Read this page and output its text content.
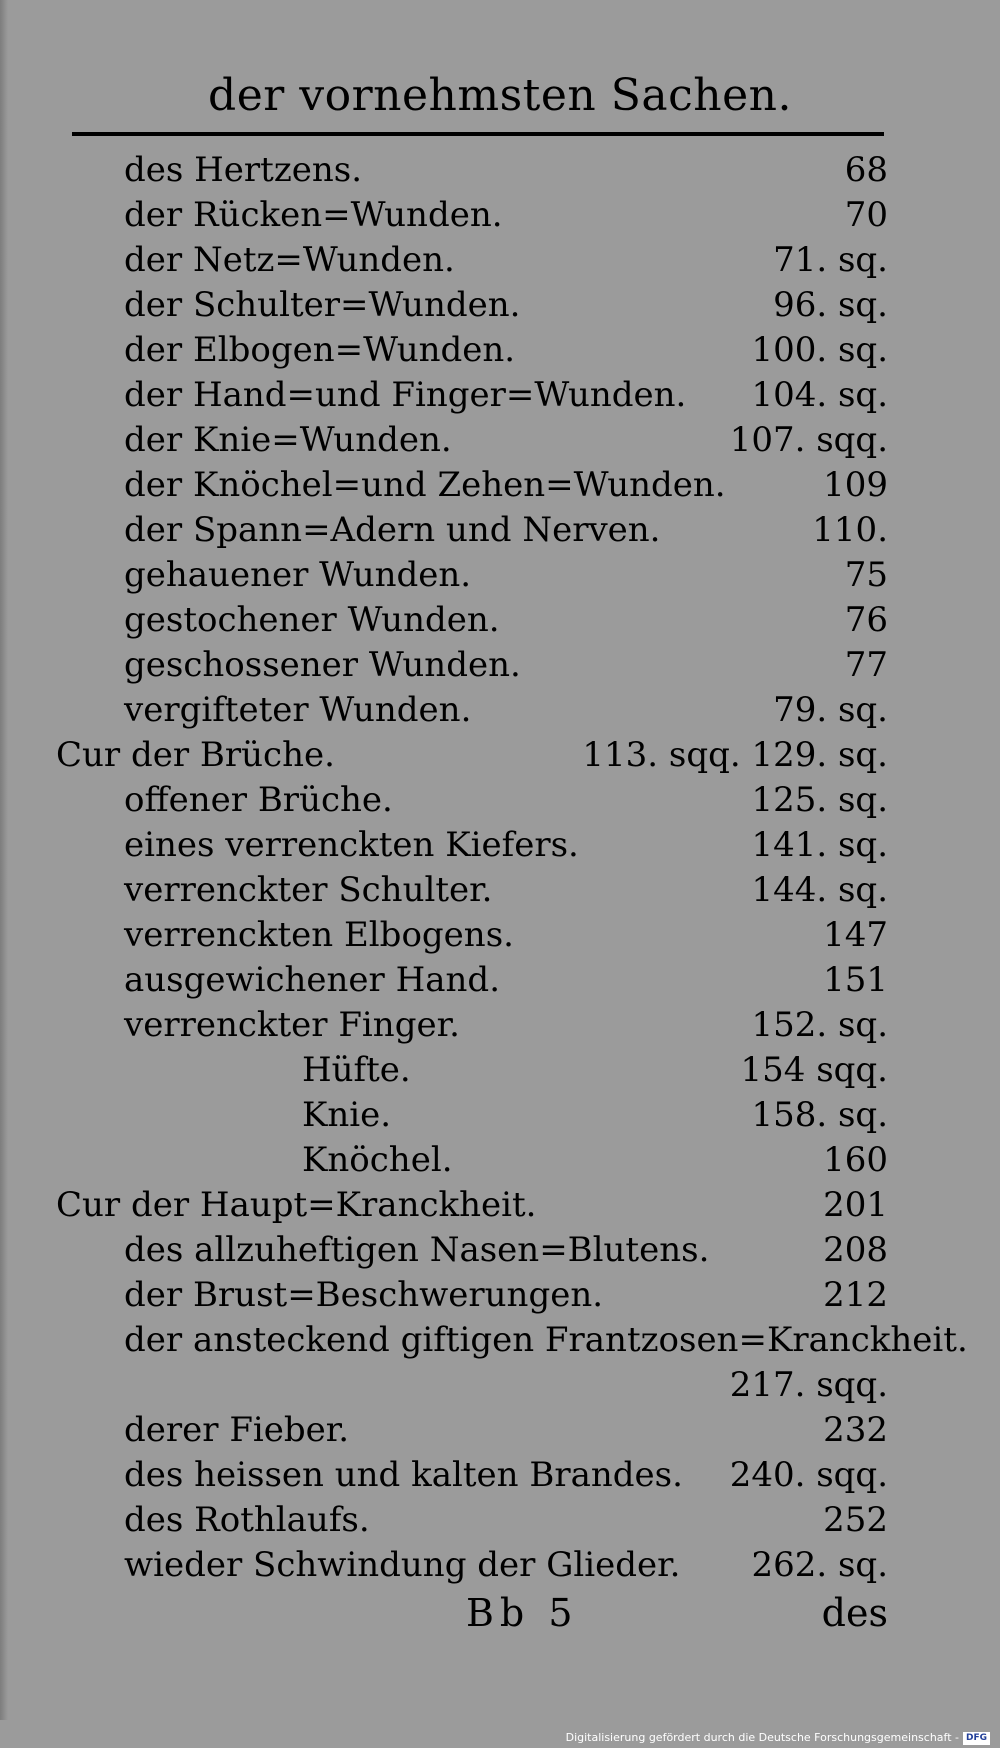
der vornehmsten Sachen.
des Hertzens.	68
der Rücken=Wunden.	70
der Netz=Wunden.	71. sq.
der Schulter=Wunden.	96. sq.
der Elbogen=Wunden.	100. sq.
der Hand=und Finger=Wunden. 104. sq.
der Knie=Wunden.	107. sqq.
der Knöchel=und Zehen=Wunden.	109
der Spann=Adern und Nerven.	110.
gehauener Wunden.	75
gestochener Wunden.	76
geschossener Wunden.	77
vergifteter Wunden.	79. sq.
Cur der Brüche.	113. sqq. 129. sq.
offener Brüche.	125. sq.
eines verrenckten Kiefers.	141. sq.
verrenckter Schulter.	144. sq.
verrenckten Elbogens.	147
ausgewichener Hand.	151
verrenckter Finger.	152. sq.
Hüfte.	154 sqq.
Knie.	158. sq.
Knöchel.	160
Cur der Haupt=Kranckheit.	201
des allzuheftigen Nasen=Blutens.	208
der Brust=Beschwerungen.	212
der ansteckend giftigen Frantzosen=Kranckheit.
217. sqq.
derer Fieber.	232
des heissen und kalten Brandes. 240. sqq.
des Rothlaufs.	252
wieder Schwindung der Glieder. 262. sq.
Bb 5	des
Digitalisierung gefördert durch die Deutsche Forschungsgemeinschaft - DFG
